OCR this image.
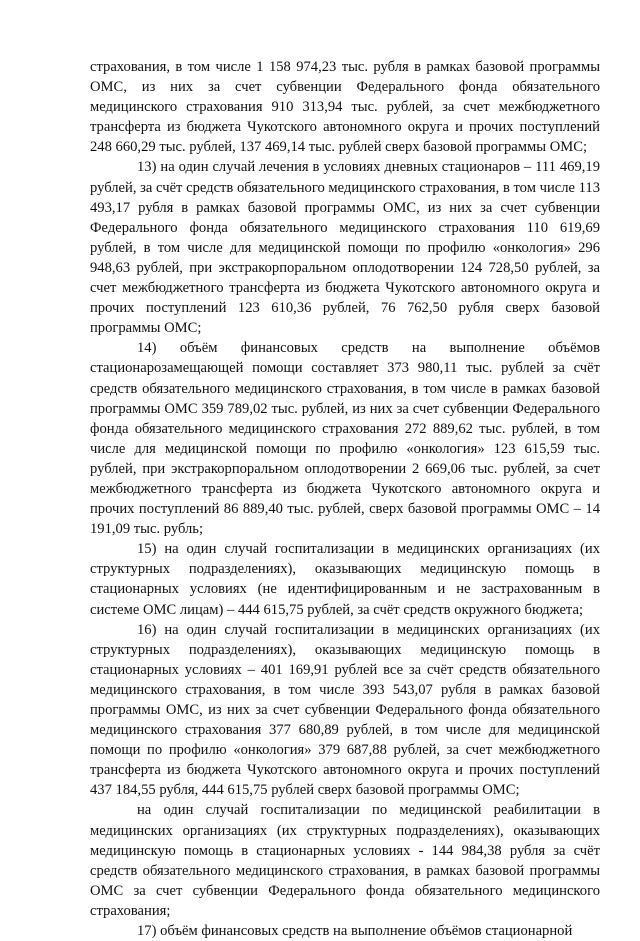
страхования, в том числе 1 158 974,23 тыс. рубля в рамках базовой программы ОМС, из них за счет субвенции Федерального фонда обязательного медицинского страхования 910 313,94 тыс. рублей, за счет межбюджетного трансферта из бюджета Чукотского автономного округа и прочих поступлений 248 660,29 тыс. рублей, 137 469,14 тыс. рублей сверх базовой программы ОМС;

13) на один случай лечения в условиях дневных стационаров – 111 469,19 рублей, за счёт средств обязательного медицинского страхования, в том числе 113 493,17 рубля в рамках базовой программы ОМС, из них за счет субвенции Федерального фонда обязательного медицинского страхования 110 619,69 рублей, в том числе для медицинской помощи по профилю «онкология» 296 948,63 рублей, при экстракорпоральном оплодотворении 124 728,50 рублей, за счет межбюджетного трансферта из бюджета Чукотского автономного округа и прочих поступлений 123 610,36 рублей, 76 762,50 рубля сверх базовой программы ОМС;

14) объём финансовых средств на выполнение объёмов стационарозамещающей помощи составляет 373 980,11 тыс. рублей за счёт средств обязательного медицинского страхования, в том числе в рамках базовой программы ОМС 359 789,02 тыс. рублей, из них за счет субвенции Федерального фонда обязательного медицинского страхования 272 889,62 тыс. рублей, в том числе для медицинской помощи по профилю «онкология» 123 615,59 тыс. рублей, при экстракорпоральном оплодотворении 2 669,06 тыс. рублей, за счет межбюджетного трансферта из бюджета Чукотского автономного округа и прочих поступлений 86 889,40 тыс. рублей, сверх базовой программы ОМС – 14 191,09 тыс. рубль;

15) на один случай госпитализации в медицинских организациях (их структурных подразделениях), оказывающих медицинскую помощь в стационарных условиях (не идентифицированным и не застрахованным в системе ОМС лицам) – 444 615,75 рублей, за счёт средств окружного бюджета;

16) на один случай госпитализации в медицинских организациях (их структурных подразделениях), оказывающих медицинскую помощь в стационарных условиях – 401 169,91 рублей все за счёт средств обязательного медицинского страхования, в том числе 393 543,07 рубля в рамках базовой программы ОМС, из них за счет субвенции Федерального фонда обязательного медицинского страхования 377 680,89 рублей, в том числе для медицинской помощи по профилю «онкология» 379 687,88 рублей, за счет межбюджетного трансферта из бюджета Чукотского автономного округа и прочих поступлений 437 184,55 рубля, 444 615,75 рублей сверх базовой программы ОМС;

на один случай госпитализации по медицинской реабилитации в медицинских организациях (их структурных подразделениях), оказывающих медицинскую помощь в стационарных условиях - 144 984,38 рубля за счёт средств обязательного медицинского страхования, в рамках базовой программы ОМС за счет субвенции Федерального фонда обязательного медицинского страхования;

17) объём финансовых средств на выполнение объёмов стационарной
